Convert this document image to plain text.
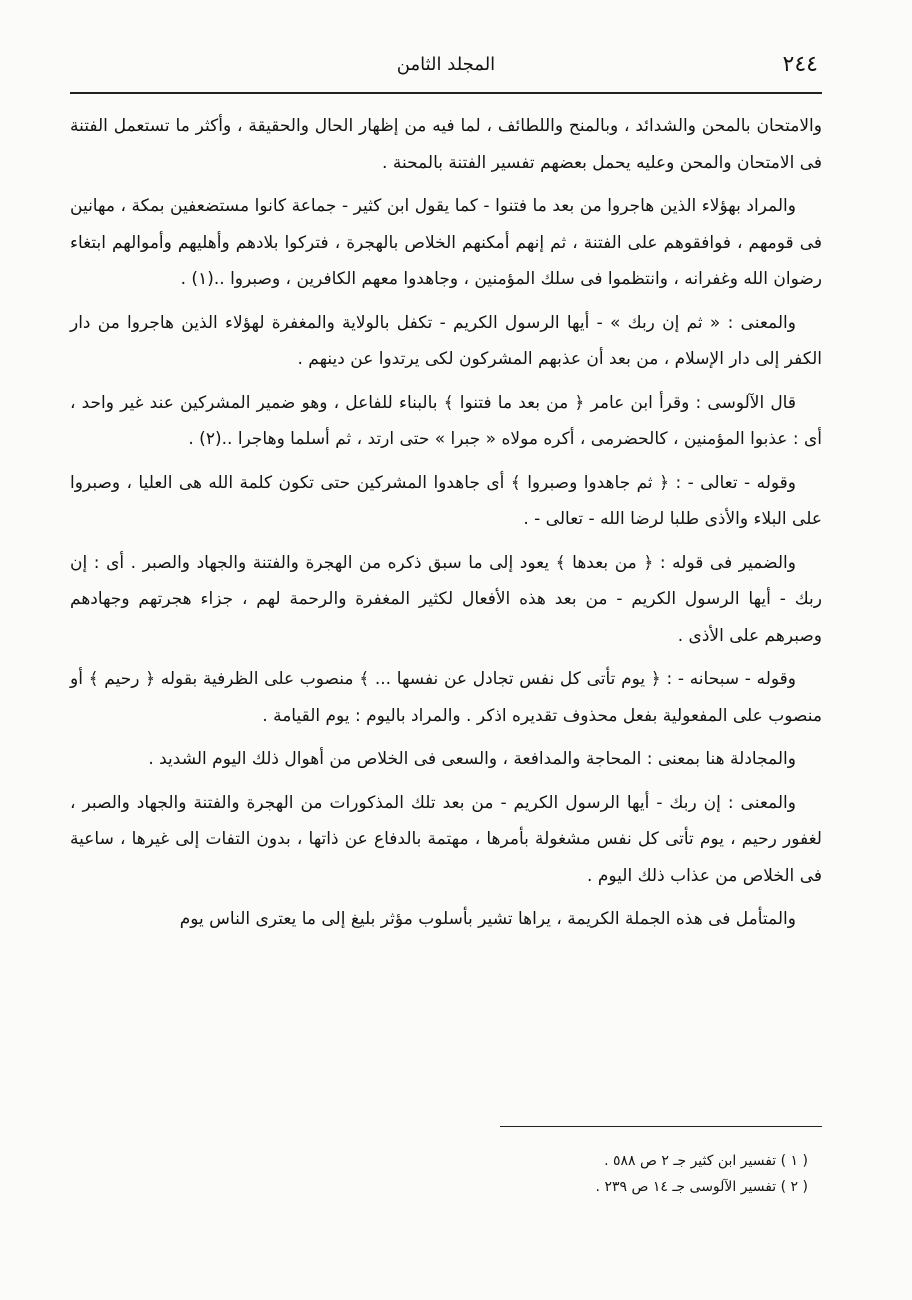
٢٤٤
المجلد الثامن

والامتحان بالمحن والشدائد ، وبالمنح واللطائف ، لما فيه من إظهار الحال والحقيقة ، وأكثر ما تستعمل الفتنة فى الامتحان والمحن وعليه يحمل بعضهم تفسير الفتنة بالمحنة .

والمراد بهؤلاء الذين هاجروا من بعد ما فتنوا - كما يقول ابن كثير - جماعة كانوا مستضعفين بمكة ، مهانين فى قومهم ، فوافقوهم على الفتنة ، ثم إنهم أمكنهم الخلاص بالهجرة ، فتركوا بلادهم وأهليهم وأموالهم ابتغاء رضوان الله وغفرانه ، وانتظموا فى سلك المؤمنين ، وجاهدوا معهم الكافرين ، وصبروا ..(١) .

والمعنى : « ثم إن ربك » - أيها الرسول الكريم - تكفل بالولاية والمغفرة لهؤلاء الذين هاجروا من دار الكفر إلى دار الإسلام ، من بعد أن عذبهم المشركون لكى يرتدوا عن دينهم .

قال الآلوسى : وقرأ ابن عامر ﴿ من بعد ما فتنوا ﴾ بالبناء للفاعل ، وهو ضمير المشركين عند غير واحد ، أى : عذبوا المؤمنين ، كالحضرمى ، أكره مولاه « جبرا » حتى ارتد ، ثم أسلما وهاجرا ..(٢) .

وقوله - تعالى - : ﴿ ثم جاهدوا وصبروا ﴾ أى جاهدوا المشركين حتى تكون كلمة الله هى العليا ، وصبروا على البلاء والأذى طلبا لرضا الله - تعالى - .

والضمير فى قوله : ﴿ من بعدها ﴾ يعود إلى ما سبق ذكره من الهجرة والفتنة والجهاد والصبر . أى : إن ربك - أيها الرسول الكريم - من بعد هذه الأفعال لكثير المغفرة والرحمة لهم ، جزاء هجرتهم وجهادهم وصبرهم على الأذى .

وقوله - سبحانه - : ﴿ يوم تأتى كل نفس تجادل عن نفسها ... ﴾ منصوب على الظرفية بقوله ﴿ رحيم ﴾ أو منصوب على المفعولية بفعل محذوف تقديره اذكر . والمراد باليوم : يوم القيامة .

والمجادلة هنا بمعنى : المحاجة والمدافعة ، والسعى فى الخلاص من أهوال ذلك اليوم الشديد .

والمعنى : إن ربك - أيها الرسول الكريم - من بعد تلك المذكورات من الهجرة والفتنة والجهاد والصبر ، لغفور رحيم ، يوم تأتى كل نفس مشغولة بأمرها ، مهتمة بالدفاع عن ذاتها ، بدون التفات إلى غيرها ، ساعية فى الخلاص من عذاب ذلك اليوم .

والمتأمل فى هذه الجملة الكريمة ، يراها تشير بأسلوب مؤثر بليغ إلى ما يعترى الناس يوم

( ١ ) تفسير ابن كثير جـ ٢ ص ٥٨٨ .

( ٢ ) تفسير الآلوسى جـ ١٤ ص ٢٣٩ .
